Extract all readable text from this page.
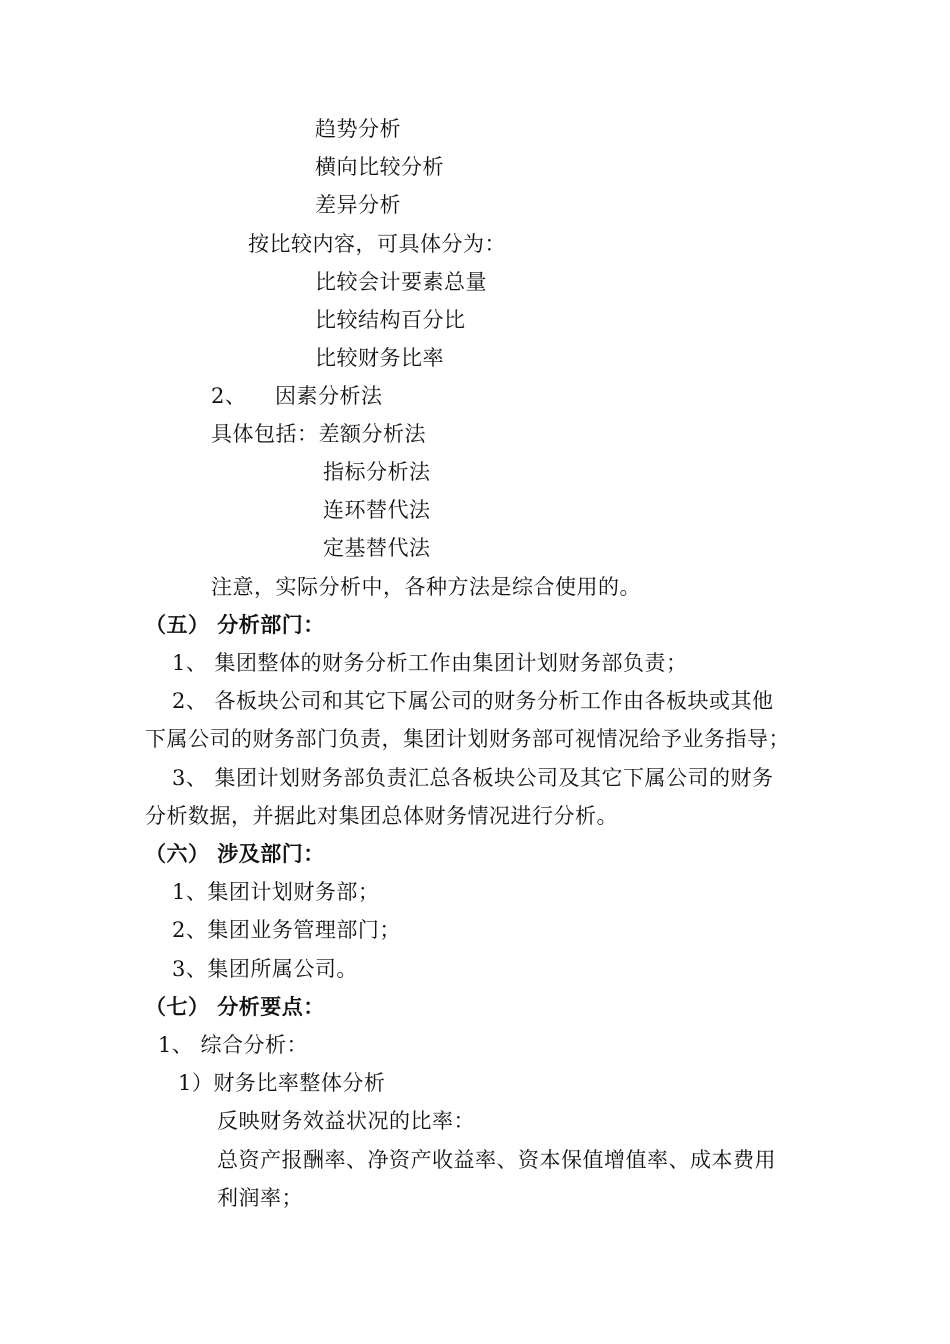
趋势分析
横向比较分析
差异分析
按比较内容，可具体分为：
比较会计要素总量
比较结构百分比
比较财务比率
2、    因素分析法
具体包括：差额分析法
指标分析法
连环替代法
定基替代法
注意，实际分析中，各种方法是综合使用的。
（五） 分析部门：
1、 集团整体的财务分析工作由集团计划财务部负责；
2、 各板块公司和其它下属公司的财务分析工作由各板块或其他
下属公司的财务部门负责，集团计划财务部可视情况给予业务指导；
3、 集团计划财务部负责汇总各板块公司及其它下属公司的财务
分析数据，并据此对集团总体财务情况进行分析。
（六） 涉及部门：
1、集团计划财务部；
2、集团业务管理部门；
3、集团所属公司。
（七） 分析要点：
1、 综合分析：
1）财务比率整体分析
反映财务效益状况的比率：
总资产报酬率、净资产收益率、资本保值增值率、成本费用
利润率；
